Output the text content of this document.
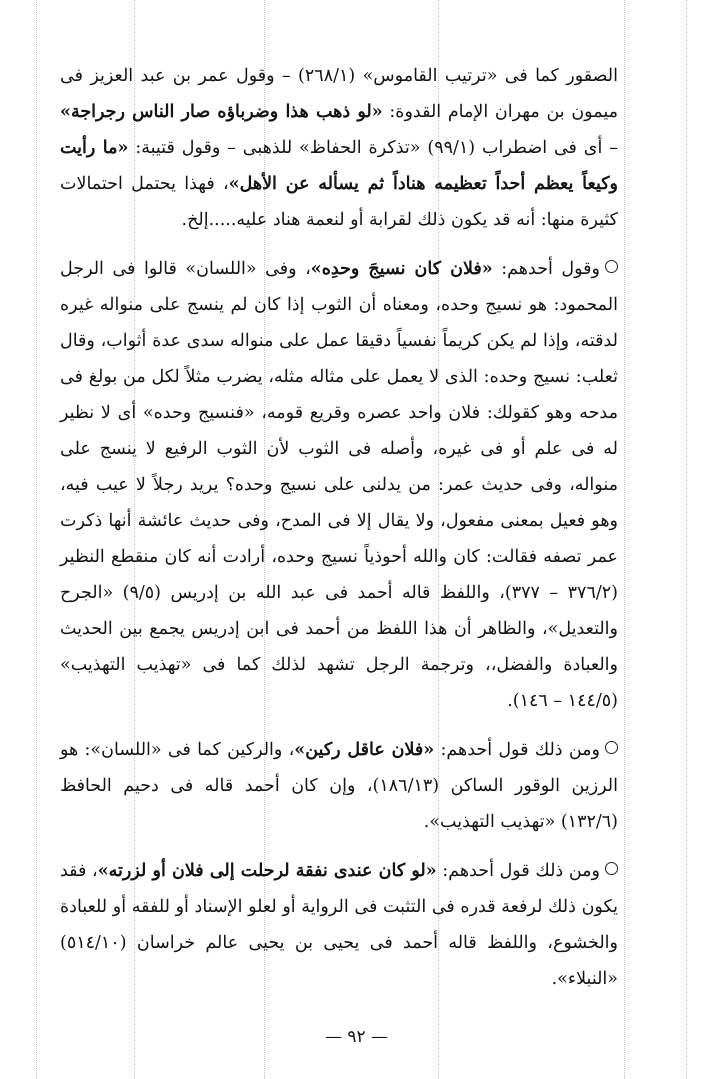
الصقور كما فى «ترتيب القاموس» (٢٦٨/١) – وقول عمر بن عبد العزيز فى ميمون بن مهران الإمام القدوة: «لو ذهب هذا وضرباؤه صار الناس رجراجة» – أى فى اضطراب (٩٩/١) «تذكرة الحفاظ» للذهبى – وقول قتيبة: «ما رأيت وكيعاً يعظم أحداً تعظيمه هناداً ثم يسأله عن الأهل»، فهذا يحتمل احتمالات كثيرة منها: أنه قد يكون ذلك لقرابة أو لنعمة هناد عليه.....إلخ.

وقول أحدهم: «فلان كان نسيجَ وحدِه»، وفى «اللسان» قالوا فى الرجل المحمود: هو نسيج وحده، ومعناه أن الثوب إذا كان لم ينسج على منواله غيره لدقته، وإذا لم يكن كريماً نفسياً دقيقا عمل على منواله سدى عدة أثواب، وقال ثعلب: نسيج وحده: الذى لا يعمل على مثاله مثله، يضرب مثلاً لكل من بولغ فى مدحه وهو كقولك: فلان واحد عصره وقريع قومه، «فنسيج وحده» أى لا نظير له فى علم أو فى غيره، وأصله فى الثوب لأن الثوب الرفيع لا ينسج على منواله، وفى حديث عمر: من يدلنى على نسيج وحده؟ يريد رجلاً لا عيب فيه، وهو فعيل بمعنى مفعول، ولا يقال إلا فى المدح، وفى حديث عائشة أنها ذكرت عمر تصفه فقالت: كان والله أحوذياً نسيج وحده، أرادت أنه كان منقطع النظير (٣٧٦/٢ – ٣٧٧)، واللفظ قاله أحمد فى عبد الله بن إدريس (٩/٥) «الجرح والتعديل»، والظاهر أن هذا اللفظ من أحمد فى ابن إدريس يجمع بين الحديث والعبادة والفضل،، وترجمة الرجل تشهد لذلك كما فى «تهذيب التهذيب» (١٤٤/٥ – ١٤٦).

ومن ذلك قول أحدهم: «فلان عاقل ركين»، والركين كما فى «اللسان»: هو الرزين الوقور الساكن (١٨٦/١٣)، وإن كان أحمد قاله فى دحيم الحافظ (١٣٢/٦) «تهذيب التهذيب».

ومن ذلك قول أحدهم: «لو كان عندى نفقة لرحلت إلى فلان أو لزرته»، فقد يكون ذلك لرفعة قدره فى التثبت فى الرواية أو لعلو الإسناد أو للفقه أو للعبادة والخشوع، واللفظ قاله أحمد فى يحيى بن يحيى عالم خراسان (٥١٤/١٠) «النبلاء».

— ٩٢ —
